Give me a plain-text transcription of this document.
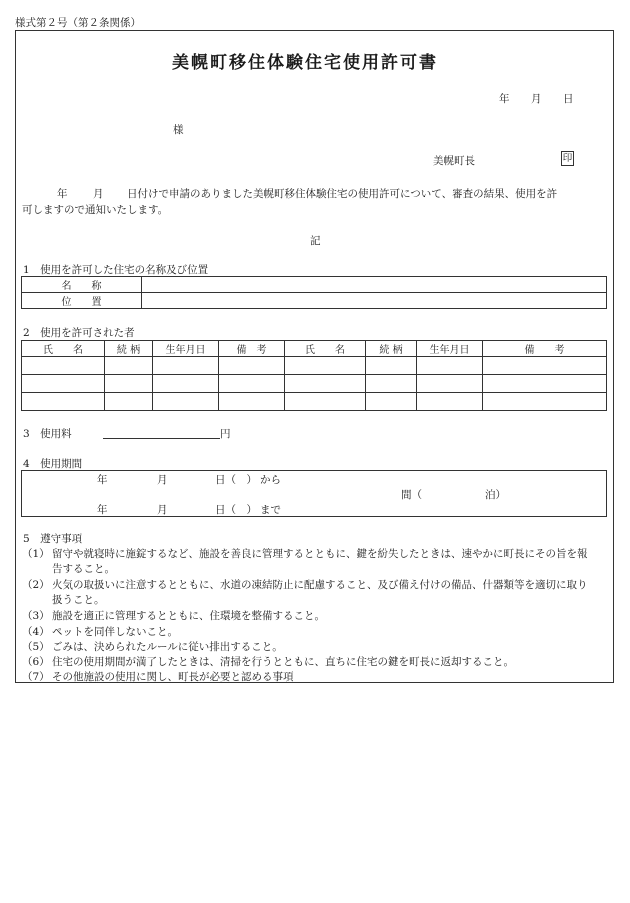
様式第２号（第２条関係）
美幌町移住体験住宅使用許可書
年 月 日
様
美幌町長	印
年 月 日付けで申請のありました美幌町移住体験住宅の使用許可について、審査の結果、使用を許
可しますので通知いたします。
記
1　使用を許可した住宅の名称及び位置
名　　称	
位　　置	
2　使用を許可された者
氏　　名	続 柄	生年月日	備　考	氏　　名	続 柄	生年月日	備　　考

3　使用料	円
4　使用期間
年	月	日（　） から
間（	泊）
年	月	日（　） まで
5　遵守事項
（1） 留守や就寝時に施錠するなど、施設を善良に管理するとともに、鍵を紛失したときは、速やかに町長にその旨を報
告すること。
（2） 火気の取扱いに注意するとともに、水道の凍結防止に配慮すること、及び備え付けの備品、什器類等を適切に取り
扱うこと。
（3） 施設を適正に管理するとともに、住環境を整備すること。
（4） ペットを同伴しないこと。
（5） ごみは、決められたルールに従い排出すること。
（6） 住宅の使用期間が満了したときは、清掃を行うとともに、直ちに住宅の鍵を町長に返却すること。
（7） その他施設の使用に関し、町長が必要と認める事項
